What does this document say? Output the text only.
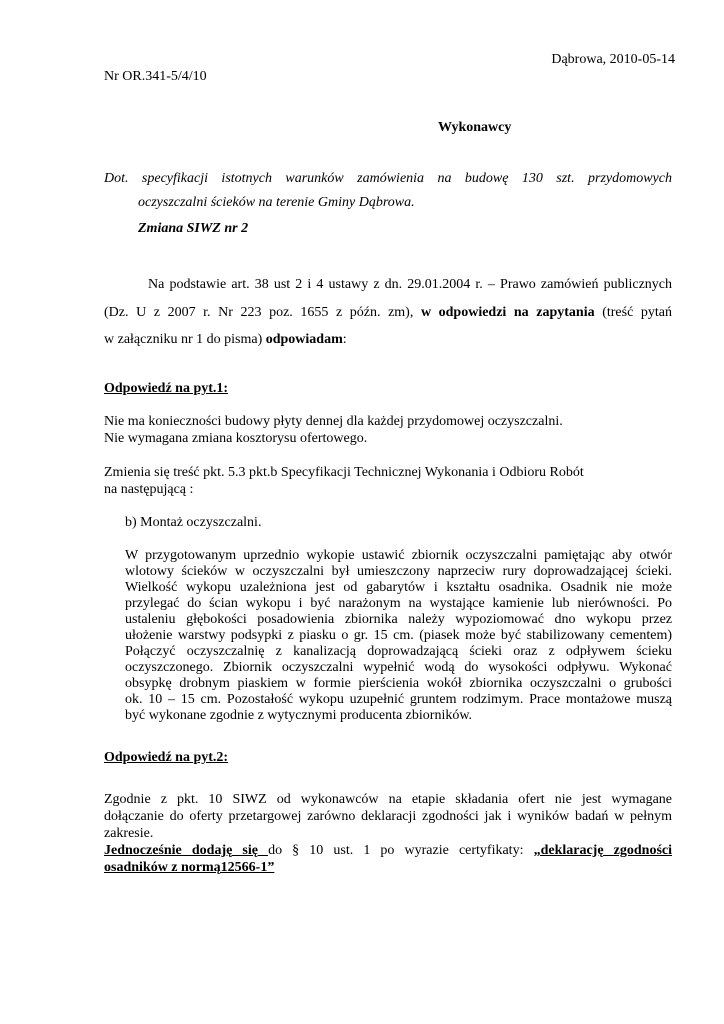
Dąbrowa, 2010-05-14
Nr OR.341-5/4/10
Wykonawcy
Dot. specyfikacji istotnych warunków zamówienia na budowę 130 szt. przydomowych
oczyszczalni ścieków na terenie Gminy Dąbrowa.
Zmiana SIWZ nr 2
Na podstawie art. 38 ust 2 i 4 ustawy z dn. 29.01.2004 r. – Prawo zamówień publicznych
(Dz. U z 2007 r. Nr 223 poz. 1655 z późn. zm), w odpowiedzi na zapytania (treść pytań
w załączniku nr 1 do pisma) odpowiadam:
Odpowiedź na pyt.1:
Nie ma konieczności budowy płyty dennej dla każdej przydomowej oczyszczalni.
Nie wymagana zmiana kosztorysu ofertowego.
Zmienia się treść pkt. 5.3 pkt.b Specyfikacji Technicznej Wykonania i Odbioru Robót
na następującą :
b) Montaż oczyszczalni.
W przygotowanym uprzednio wykopie ustawić zbiornik oczyszczalni pamiętając aby otwór
wlotowy ścieków w oczyszczalni był umieszczony naprzeciw rury doprowadzającej ścieki.
Wielkość wykopu uzależniona jest od gabarytów i kształtu osadnika. Osadnik nie może
przylegać do ścian wykopu i być narażonym na wystające kamienie lub nierówności. Po
ustaleniu głębokości posadowienia zbiornika należy wypoziomować dno wykopu przez
ułożenie warstwy podsypki z piasku o gr. 15 cm. (piasek może być stabilizowany cementem)
Połączyć oczyszczalnię z kanalizacją doprowadzającą ścieki oraz z odpływem ścieku
oczyszczonego. Zbiornik oczyszczalni wypełnić wodą do wysokości odpływu. Wykonać
obsypkę drobnym piaskiem w formie pierścienia wokół zbiornika oczyszczalni o grubości
ok. 10 – 15 cm. Pozostałość wykopu uzupełnić gruntem rodzimym. Prace montażowe muszą
być wykonane zgodnie z wytycznymi producenta zbiorników.
Odpowiedź na pyt.2:
Zgodnie z pkt. 10 SIWZ od wykonawców na etapie składania ofert nie jest wymagane
dołączanie do oferty przetargowej zarówno deklaracji zgodności jak i wyników badań w pełnym
zakresie.
Jednocześnie dodaję się do § 10 ust. 1 po wyrazie certyfikaty: „deklarację zgodności
osadników z normą12566-1”
